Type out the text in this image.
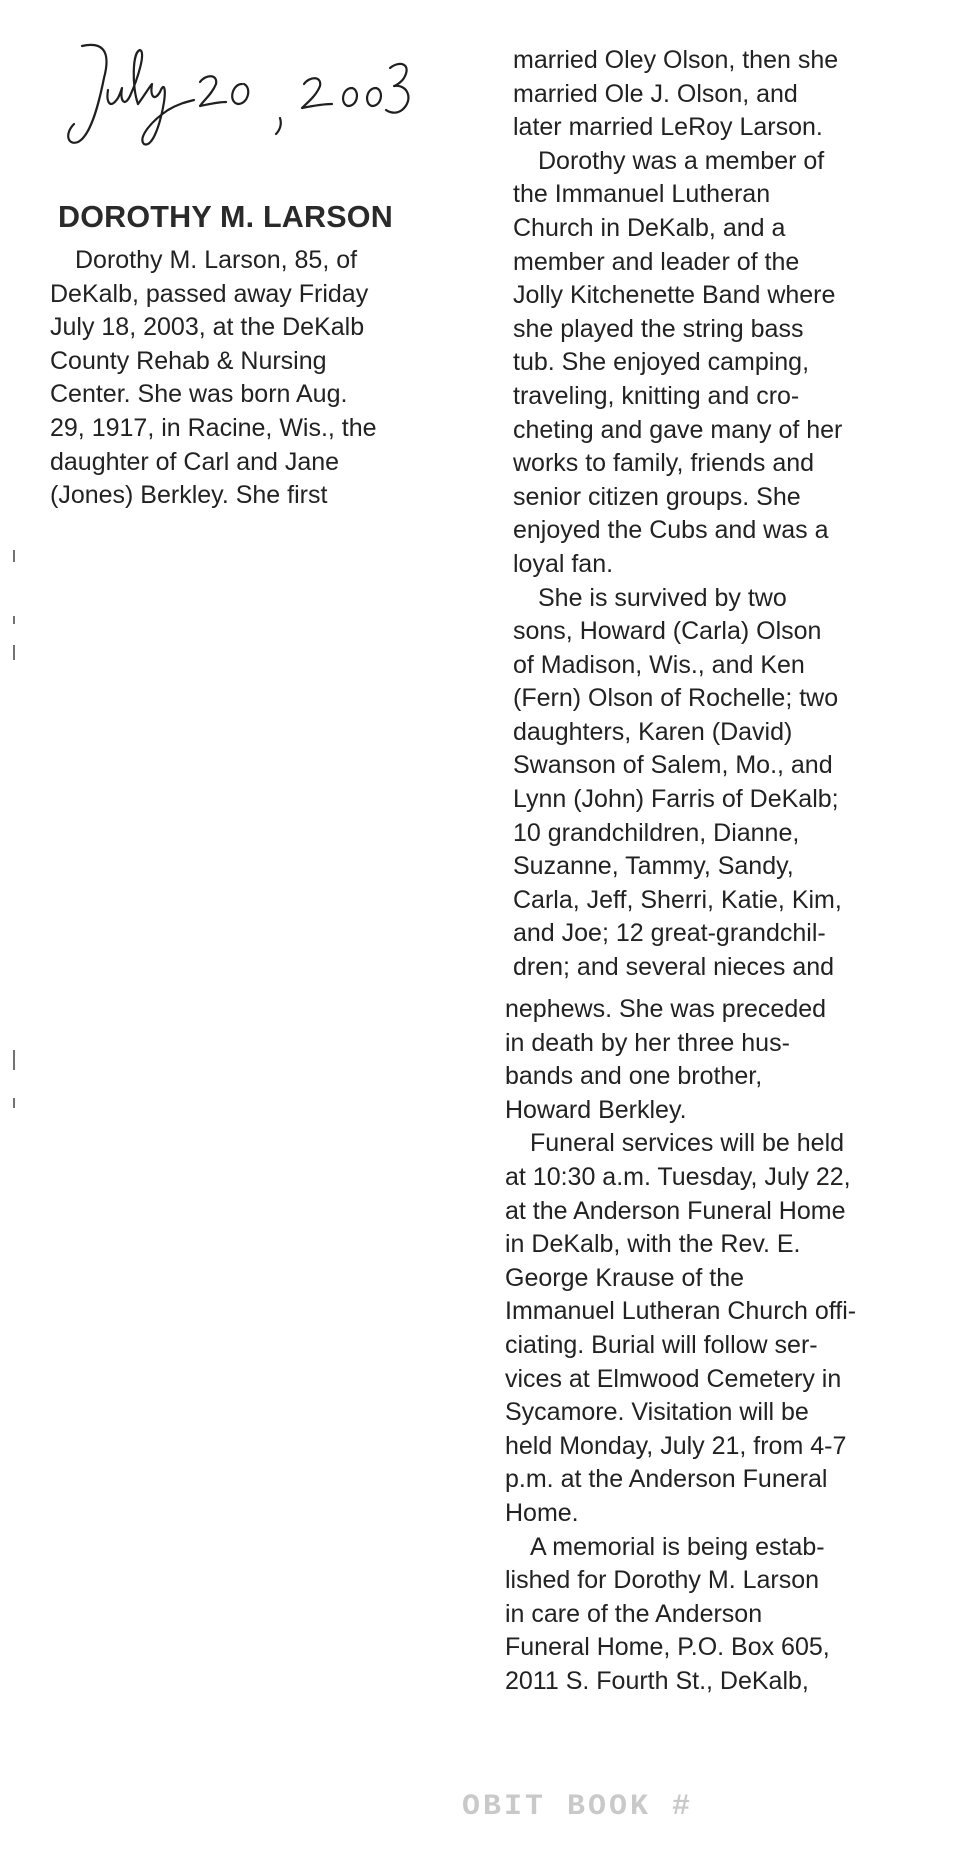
DOROTHY M. LARSON
 Dorothy M. Larson, 85, of
DeKalb, passed away Friday
July 18, 2003, at the DeKalb
County Rehab & Nursing
Center. She was born Aug.
29, 1917, in Racine, Wis., the
daughter of Carl and Jane
(Jones) Berkley. She first
married Oley Olson, then she
married Ole J. Olson, and
later married LeRoy Larson.
 Dorothy was a member of
the Immanuel Lutheran
Church in DeKalb, and a
member and leader of the
Jolly Kitchenette Band where
she played the string bass
tub. She enjoyed camping,
traveling, knitting and cro-
cheting and gave many of her
works to family, friends and
senior citizen groups. She
enjoyed the Cubs and was a
loyal fan.
 She is survived by two
sons, Howard (Carla) Olson
of Madison, Wis., and Ken
(Fern) Olson of Rochelle; two
daughters, Karen (David)
Swanson of Salem, Mo., and
Lynn (John) Farris of DeKalb;
10 grandchildren, Dianne,
Suzanne, Tammy, Sandy,
Carla, Jeff, Sherri, Katie, Kim,
and Joe; 12 great-grandchil-
dren; and several nieces and
nephews. She was preceded
in death by her three hus-
bands and one brother,
Howard Berkley.
 Funeral services will be held
at 10:30 a.m. Tuesday, July 22,
at the Anderson Funeral Home
in DeKalb, with the Rev. E.
George Krause of the
Immanuel Lutheran Church offi-
ciating. Burial will follow ser-
vices at Elmwood Cemetery in
Sycamore. Visitation will be
held Monday, July 21, from 4-7
p.m. at the Anderson Funeral
Home.
 A memorial is being estab-
lished for Dorothy M. Larson
in care of the Anderson
Funeral Home, P.O. Box 605,
2011 S. Fourth St., DeKalb,
OBIT BOOK #
